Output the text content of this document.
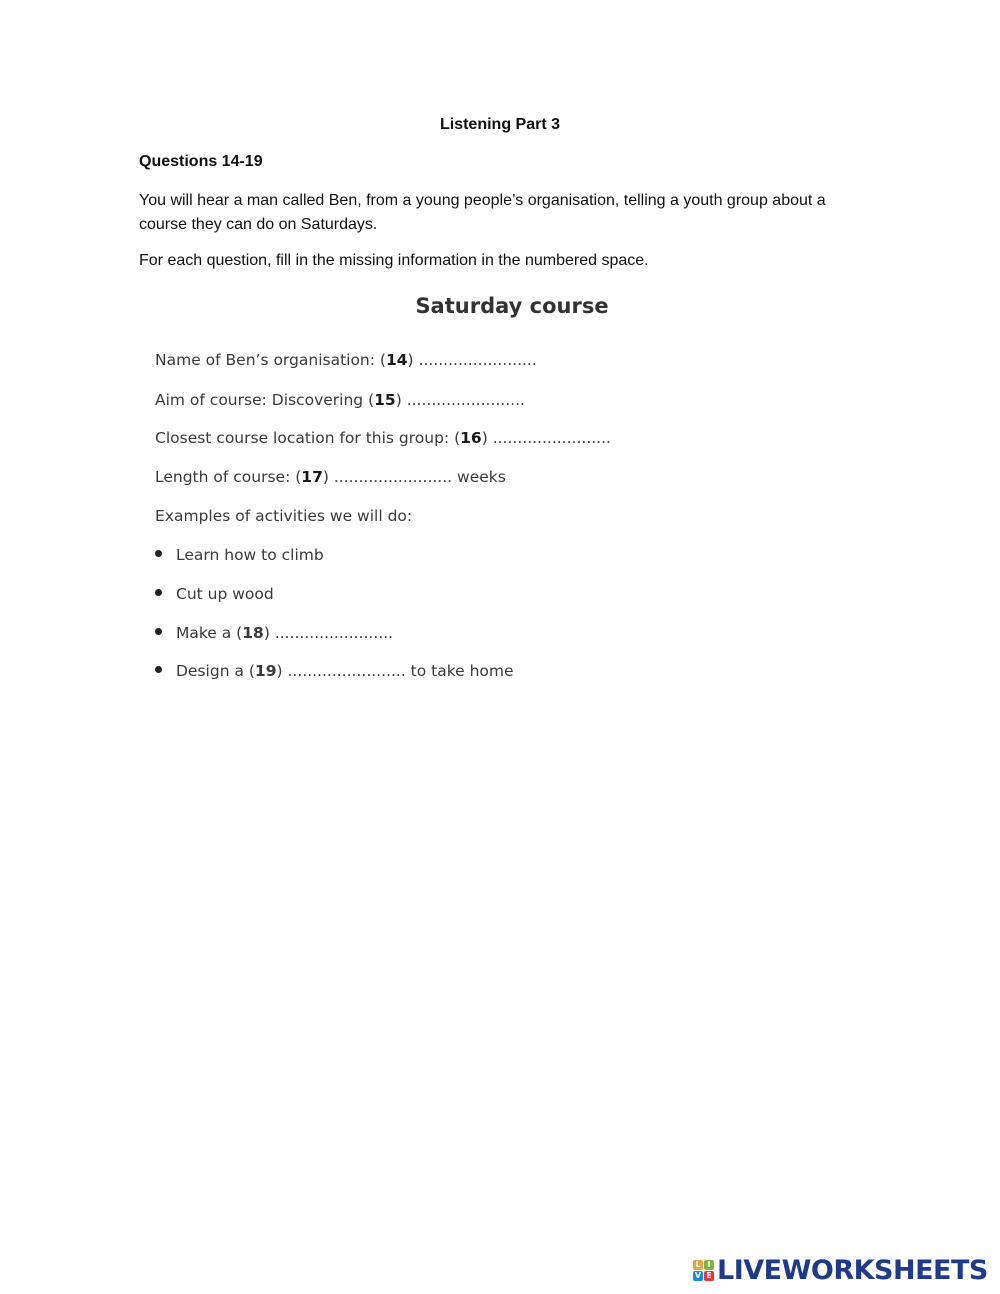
Listening Part 3
Questions 14-19
You will hear a man called Ben, from a young people’s organisation, telling a youth group about a course they can do on Saturdays.
For each question, fill in the missing information in the numbered space.
Saturday course
Name of Ben’s organisation: (14) ........................
Aim of course: Discovering (15) ........................
Closest course location for this group: (16) ........................
Length of course: (17) ........................ weeks
Examples of activities we will do:
Learn how to climb
Cut up wood
Make a (18) ........................
Design a (19) ........................ to take home
L I
V E LIVEWORKSHEETS
